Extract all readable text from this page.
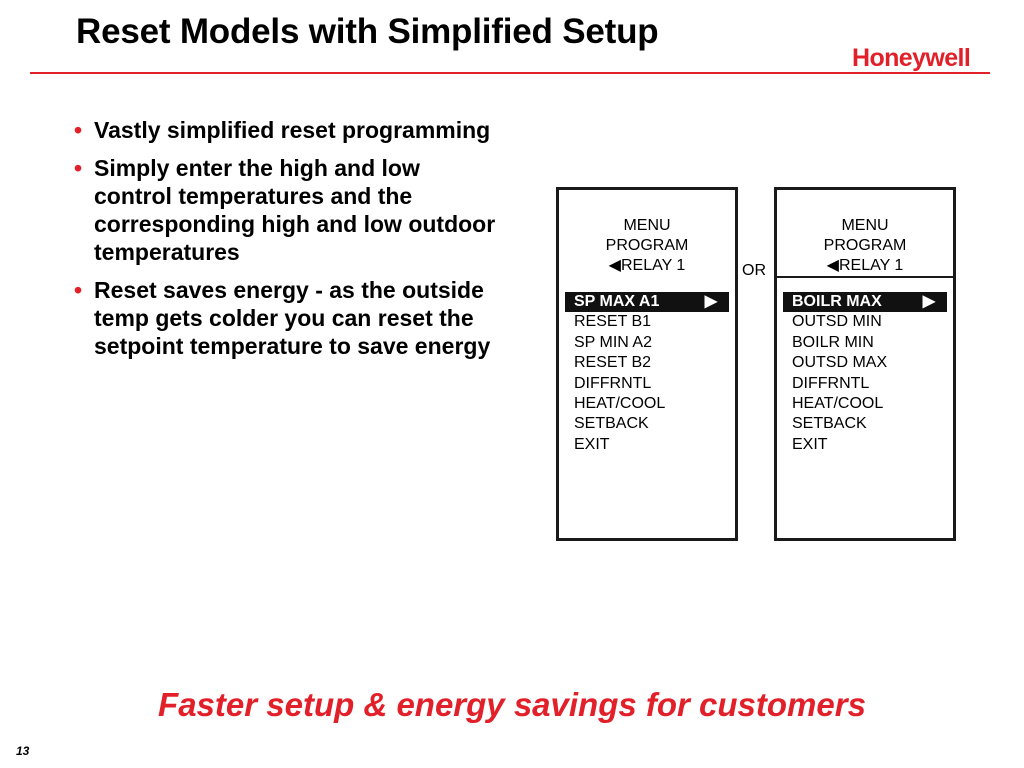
Reset Models with Simplified Setup
Honeywell
• Vastly simplified reset programming
• Simply enter the high and low control temperatures and the corresponding high and low outdoor temperatures
• Reset saves energy - as the outside temp gets colder you can reset the setpoint temperature to save energy
MENU
PROGRAM
◀RELAY 1
SP MAX A1	▶
RESET B1
SP MIN A2
RESET B2
DIFFRNTL
HEAT/COOL
SETBACK
EXIT
OR
MENU
PROGRAM
◀RELAY 1
BOILR MAX	▶
OUTSD MIN
BOILR MIN
OUTSD MAX
DIFFRNTL
HEAT/COOL
SETBACK
EXIT
Faster setup & energy savings for customers
13
